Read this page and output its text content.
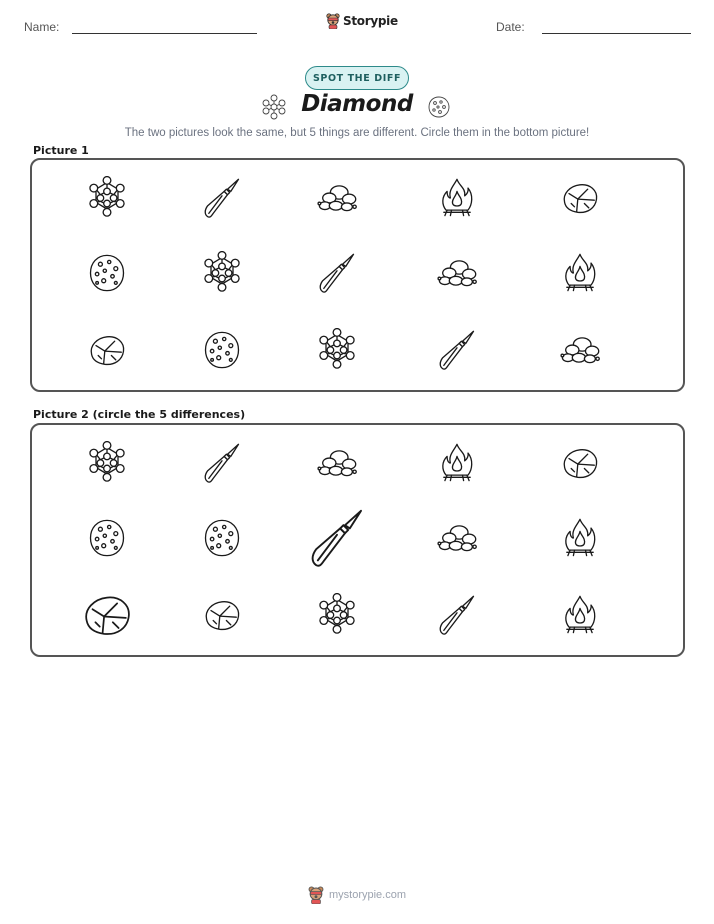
Name:	Storypie	Date:
SPOT THE DIFF
Diamond
The two pictures look the same, but 5 things are different. Circle them in the bottom picture!
Picture 1
Picture 2 (circle the 5 differences)
mystorypie.com
